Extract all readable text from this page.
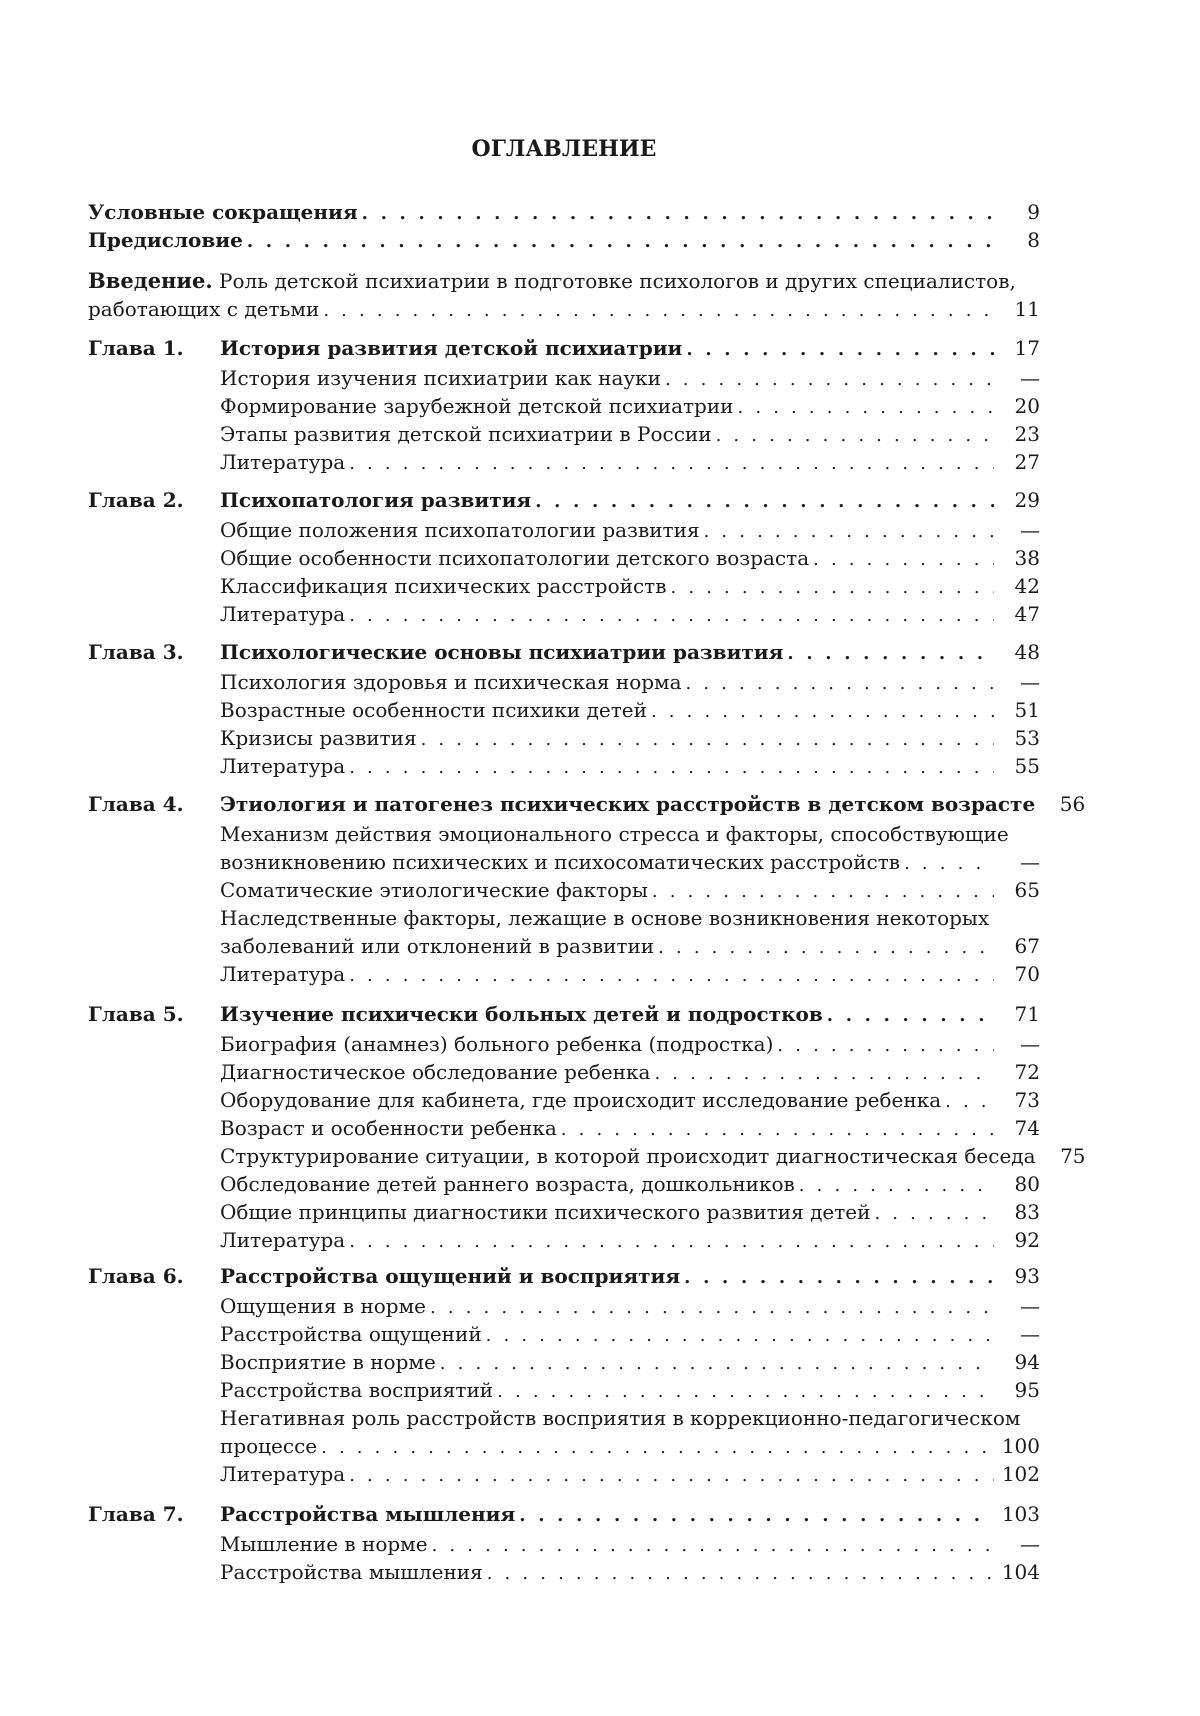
ОГЛАВЛЕНИЕ
Условные сокращения . . .	9
Предисловие . . .	8
Введение. Роль детской психиатрии в подготовке психологов и других специалистов,
работающих с детьми . . .	11
Глава 1. История развития детской психиатрии . . .	17
История изучения психиатрии как науки . . .	—
Формирование зарубежной детской психиатрии . . .	20
Этапы развития детской психиатрии в России . . .	23
Литература . . .	27
Глава 2. Психопатология развития . . .	29
Общие положения психопатологии развития . . .	—
Общие особенности психопатологии детского возраста . . .	38
Классификация психических расстройств . . .	42
Литература . . .	47
Глава 3. Психологические основы психиатрии развития . . .	48
Психология здоровья и психическая норма . . .	—
Возрастные особенности психики детей . . .	51
Кризисы развития . . .	53
Литература . . .	55
Глава 4. Этиология и патогенез психических расстройств в детском возрасте	56
Механизм действия эмоционального стресса и факторы, способствующие
возникновению психических и психосоматических расстройств . . .	—
Соматические этиологические факторы . . .	65
Наследственные факторы, лежащие в основе возникновения некоторых
заболеваний или отклонений в развитии . . .	67
Литература . . .	70
Глава 5. Изучение психически больных детей и подростков . . .	71
Биография (анамнез) больного ребенка (подростка) . . .	—
Диагностическое обследование ребенка . . .	72
Оборудование для кабинета, где происходит исследование ребенка . . .	73
Возраст и особенности ребенка . . .	74
Структурирование ситуации, в которой происходит диагностическая беседа	75
Обследование детей раннего возраста, дошкольников . . .	80
Общие принципы диагностики психического развития детей . . .	83
Литература . . .	92
Глава 6. Расстройства ощущений и восприятия . . .	93
Ощущения в норме . . .	—
Расстройства ощущений . . .	—
Восприятие в норме . . .	94
Расстройства восприятий . . .	95
Негативная роль расстройств восприятия в коррекционно-педагогическом
процессе . . .	100
Литература . . .	102
Глава 7. Расстройства мышления . . .	103
Мышление в норме . . .	—
Расстройства мышления . . .	104
